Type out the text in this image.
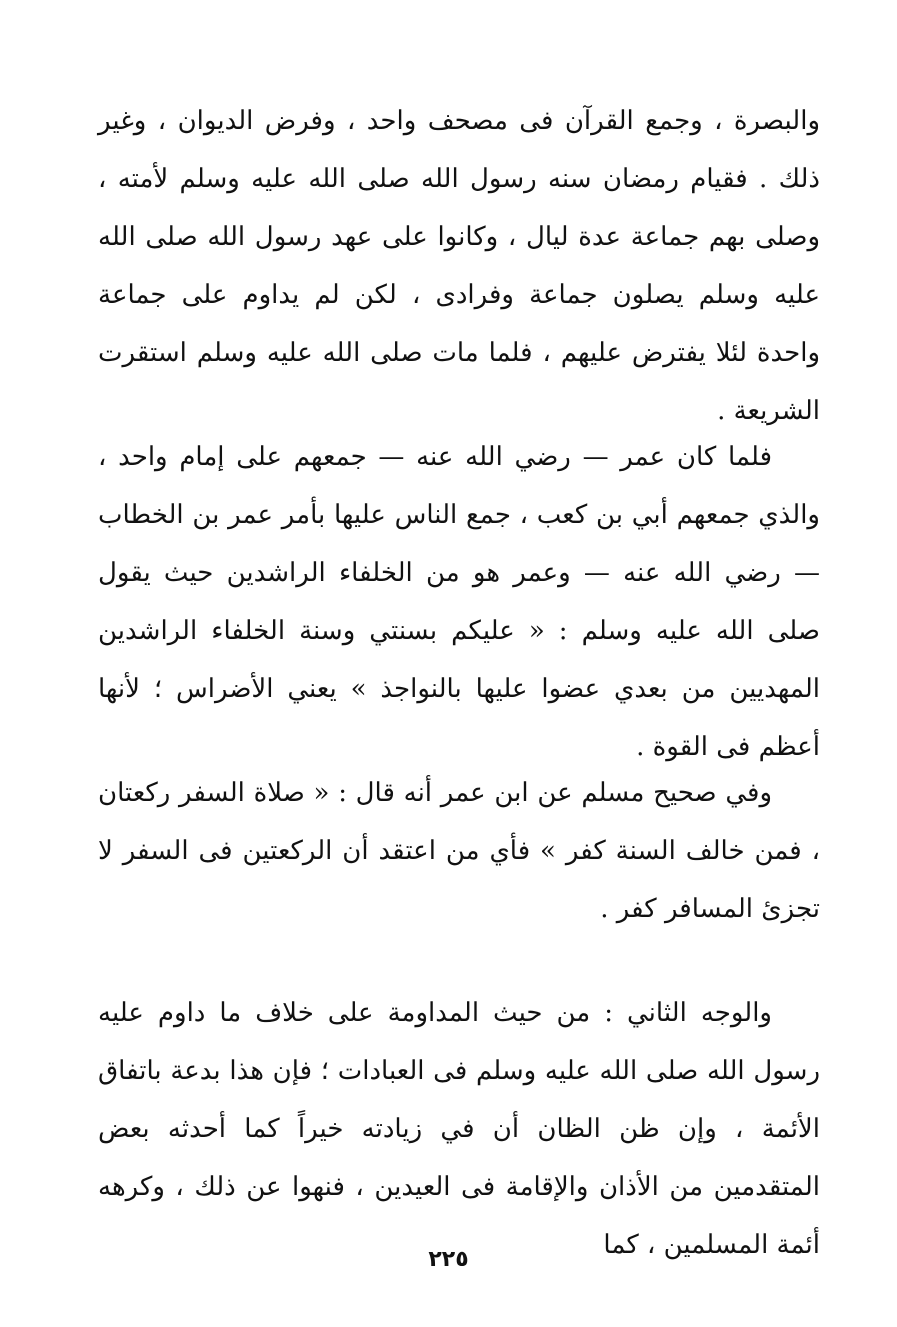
والبصرة ، وجمع القرآن فى مصحف واحد ، وفرض الديوان ، وغير ذلك . فقيام رمضان سنه رسول الله صلى الله عليه وسلم لأمته ، وصلى بهم جماعة عدة ليال ، وكانوا على عهد رسول الله صلى الله عليه وسلم يصلون جماعة وفرادى ، لكن لم يداوم على جماعة واحدة لئلا يفترض عليهم ، فلما مات صلى الله عليه وسلم استقرت الشريعة .

فلما كان عمر — رضي الله عنه — جمعهم على إمام واحد ، والذي جمعهم أبي بن كعب ، جمع الناس عليها بأمر عمر بن الخطاب — رضي الله عنه — وعمر هو من الخلفاء الراشدين حيث يقول صلى الله عليه وسلم : « عليكم بسنتي وسنة الخلفاء الراشدين المهديين من بعدي عضوا عليها بالنواجذ » يعني الأضراس ؛ لأنها أعظم فى القوة .

وفي صحيح مسلم عن ابن عمر أنه قال : « صلاة السفر ركعتان ، فمن خالف السنة كفر » فأي من اعتقد أن الركعتين فى السفر لا تجزئ المسافر كفر .

والوجه الثاني : من حيث المداومة على خلاف ما داوم عليه رسول الله صلى الله عليه وسلم فى العبادات ؛ فإن هذا بدعة باتفاق الأئمة ، وإن ظن الظان أن في زيادته خيراً كما أحدثه بعض المتقدمين من الأذان والإقامة فى العيدين ، فنهوا عن ذلك ، وكرهه أئمة المسلمين ، كما

٢٢٥
